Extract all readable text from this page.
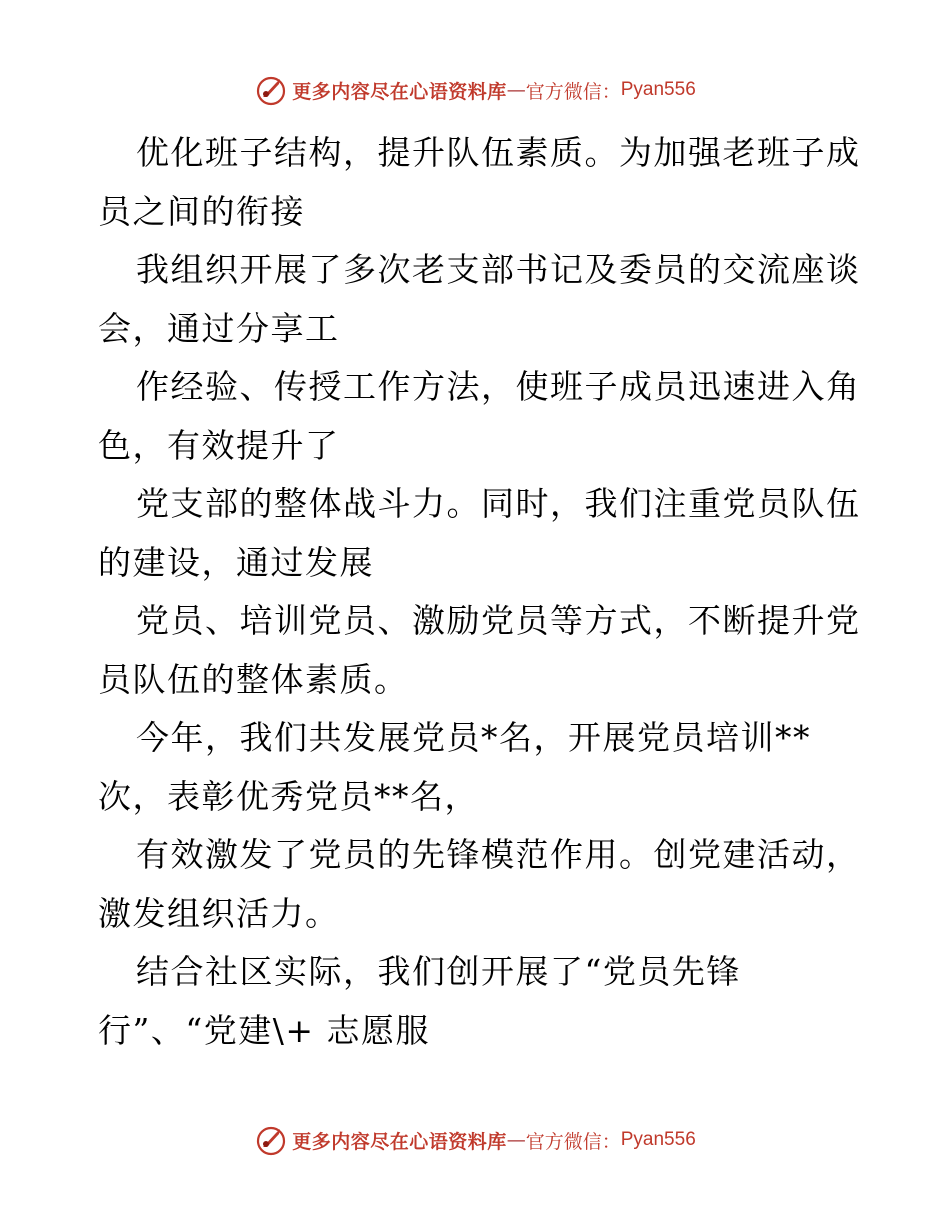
更多内容尽在心语资料库 — 官方微信： Pyan556
优化班子结构，提升队伍素质。为加强老班子成
员之间的衔接
我组织开展了多次老支部书记及委员的交流座谈
会，通过分享工
作经验、传授工作方法，使班子成员迅速进入角
色，有效提升了
党支部的整体战斗力。同时，我们注重党员队伍
的建设，通过发展
党员、培训党员、激励党员等方式，不断提升党
员队伍的整体素质。
今年，我们共发展党员*名，开展党员培训**
次，表彰优秀党员**名，
有效激发了党员的先锋模范作用。创党建活动，
激发组织活力。
结合社区实际，我们创开展了“党员先锋
行”、“党建\+ 志愿服
更多内容尽在心语资料库 — 官方微信： Pyan556
